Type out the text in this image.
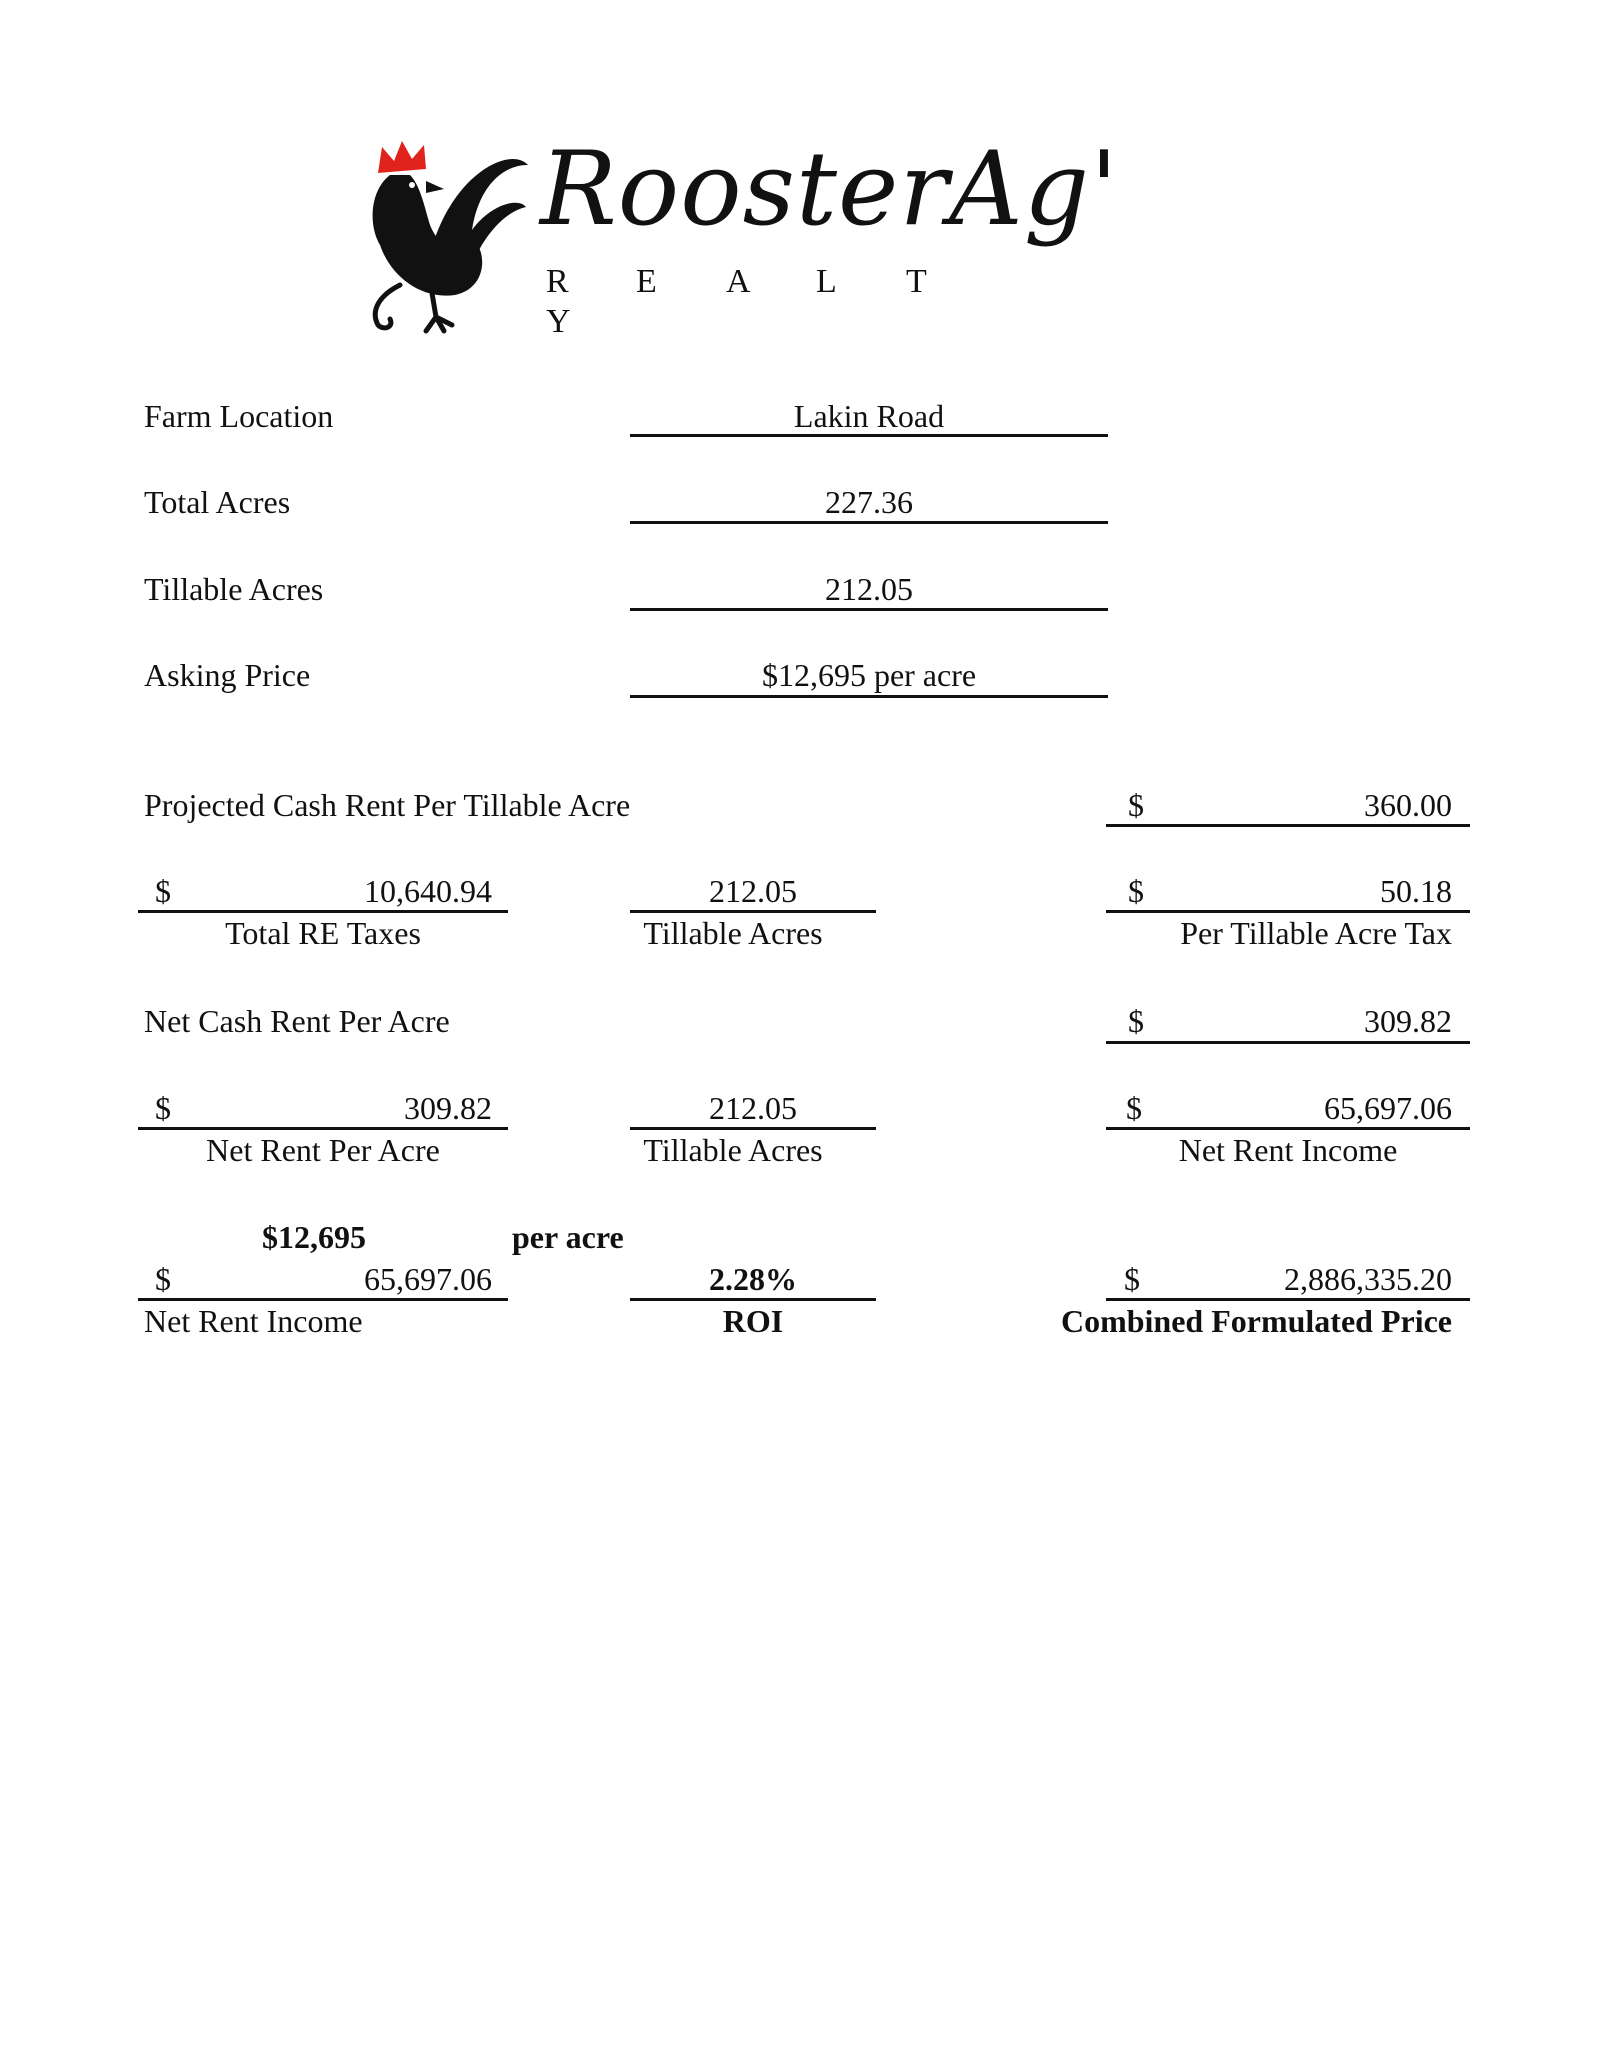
RoosterAg'
R E A L TY
Farm Location	Lakin Road
Total Acres	227.36
Tillable Acres	212.05
Asking Price	$12,695 per acre
Projected Cash Rent Per Tillable Acre	$	360.00
$	10,640.94
Total RE Taxes
212.05
Tillable Acres
$	50.18
Per Tillable Acre Tax
Net Cash Rent Per Acre	$	309.82
$	309.82
Net Rent Per Acre
212.05
Tillable Acres
$	65,697.06
Net Rent Income
$12,695	per acre
$	65,697.06
Net Rent Income
2.28%
ROI
$	2,886,335.20
Combined Formulated Price
